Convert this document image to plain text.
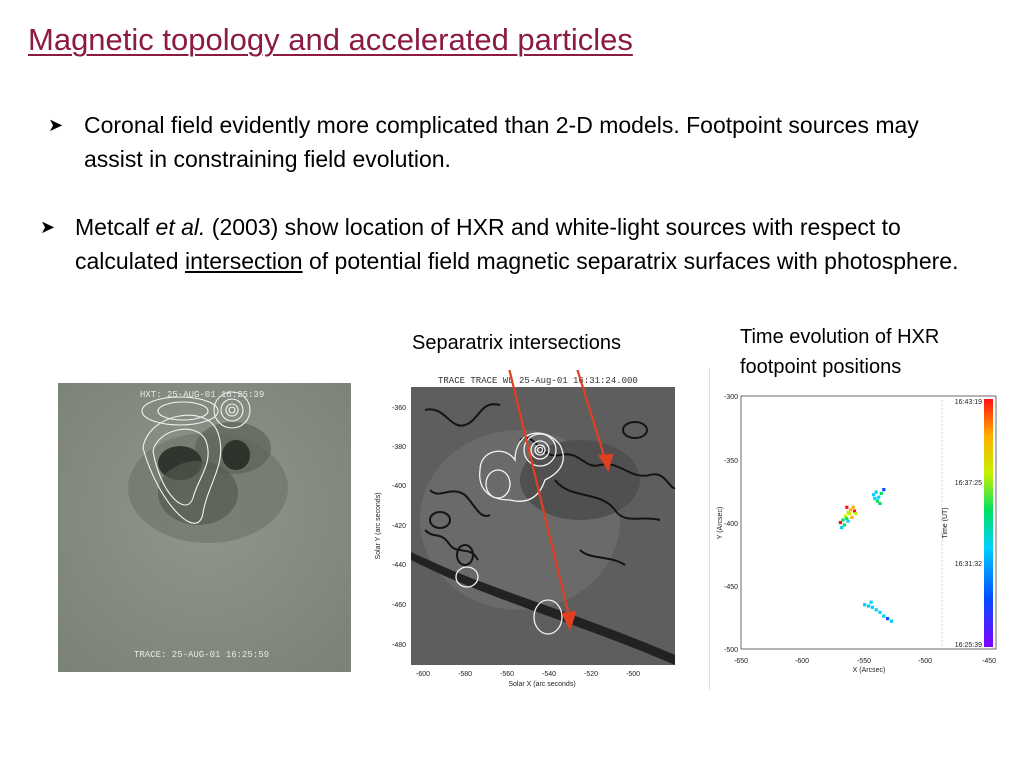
Magnetic topology and accelerated particles
➤ Coronal field evidently more complicated than 2-D models. Footpoint sources may assist in constraining field evolution.
➤ Metcalf et al. (2003) show location of HXR and white-light sources with respect to calculated intersection of potential field magnetic separatrix surfaces with photosphere.
Separatrix intersections	Time evolution of HXR footpoint positions
HXT: 25-AUG-01 16:25:39
TRACE: 25-AUG-01 16:25:59
TRACE TRACE WL 25-Aug-01 16:31:24.000
-360
-380
-400
-420
-440
-460
-480
-600	-580	-560	-540	-520	-500
Solar X (arc seconds)
Solar Y (arc seconds)
-650	-600	-550	-500	-450
-300
-350
-400
-450
-500
16:43:19
16:37:25
16:31:32
16:25:39
X (Arcsec)
Y (Arcsec)	Time (UT)
